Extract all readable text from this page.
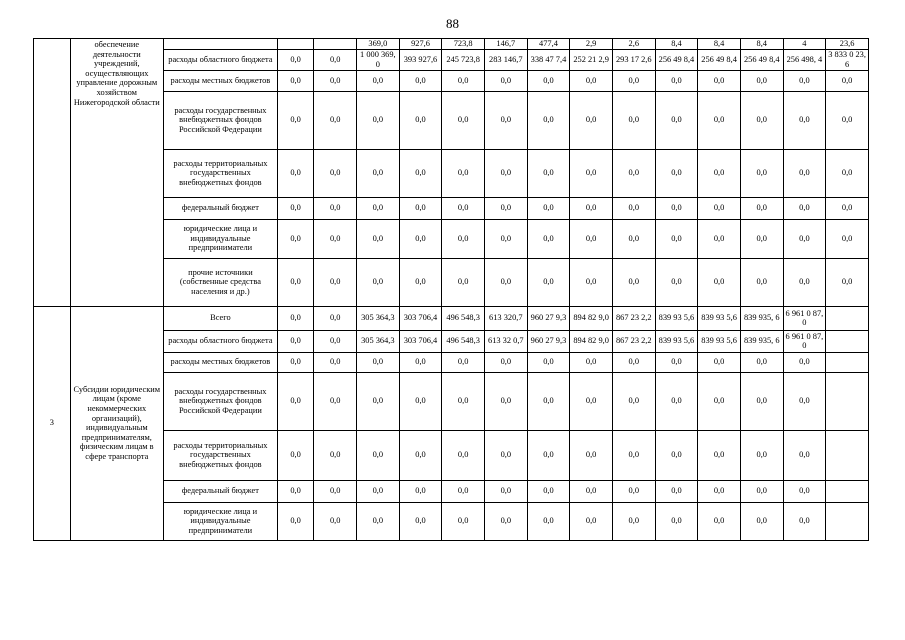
88
	обеспечение деятельности учреждений, осуществляющих управление дорожным хозяйством Нижегородской области				369,0	927,6	723,8	146,7	477,4	2,9	2,6	8,4	8,4	8,4	4	23,6
		расходы областного бюджета	0,0	0,0	1 000 369,0	393 927,6	245 723,8	283 146,7	338 47 7,4	252 21 2,9	293 17 2,6	256 49 8,4	256 49 8,4	256 49 8,4	256 498, 4	3 833 0 23,6
		расходы местных бюджетов	0,0	0,0	0,0	0,0	0,0	0,0	0,0	0,0	0,0	0,0	0,0	0,0	0,0	0,0
		расходы государственных внебюджетных фондов Российской Федерации	0,0	0,0	0,0	0,0	0,0	0,0	0,0	0,0	0,0	0,0	0,0	0,0	0,0	0,0
		расходы территориальных государственных внебюджетных фондов	0,0	0,0	0,0	0,0	0,0	0,0	0,0	0,0	0,0	0,0	0,0	0,0	0,0	0,0
		федеральный бюджет	0,0	0,0	0,0	0,0	0,0	0,0	0,0	0,0	0,0	0,0	0,0	0,0	0,0	0,0
		юридические лица и индивидуальные предприниматели	0,0	0,0	0,0	0,0	0,0	0,0	0,0	0,0	0,0	0,0	0,0	0,0	0,0	0,0
		прочие источники (собственные средства населения и др.)	0,0	0,0	0,0	0,0	0,0	0,0	0,0	0,0	0,0	0,0	0,0	0,0	0,0	0,0
3	Субсидии юридическим лицам (кроме некоммерческих организаций), индивидуальным предпринимателям, физическим лицам в сфере транспорта	Всего	0,0	0,0	305 364,3	303 706,4	496 548,3	613 320,7	960 27 9,3	894 82 9,0	867 23 2,2	839 93 5,6	839 93 5,6	839 935, 6	6 961 0 87,0	
		расходы областного бюджета	0,0	0,0	305 364,3	303 706,4	496 548,3	613 32 0,7	960 27 9,3	894 82 9,0	867 23 2,2	839 93 5,6	839 93 5,6	839 935, 6	6 961 0 87,0	
		расходы местных бюджетов	0,0	0,0	0,0	0,0	0,0	0,0	0,0	0,0	0,0	0,0	0,0	0,0	0,0	
		расходы государственных внебюджетных фондов Российской Федерации	0,0	0,0	0,0	0,0	0,0	0,0	0,0	0,0	0,0	0,0	0,0	0,0	0,0	
		расходы территориальных государственных внебюджетных фондов	0,0	0,0	0,0	0,0	0,0	0,0	0,0	0,0	0,0	0,0	0,0	0,0	0,0	
		федеральный бюджет	0,0	0,0	0,0	0,0	0,0	0,0	0,0	0,0	0,0	0,0	0,0	0,0	0,0	
		юридические лица и индивидуальные предприниматели	0,0	0,0	0,0	0,0	0,0	0,0	0,0	0,0	0,0	0,0	0,0	0,0	0,0	
